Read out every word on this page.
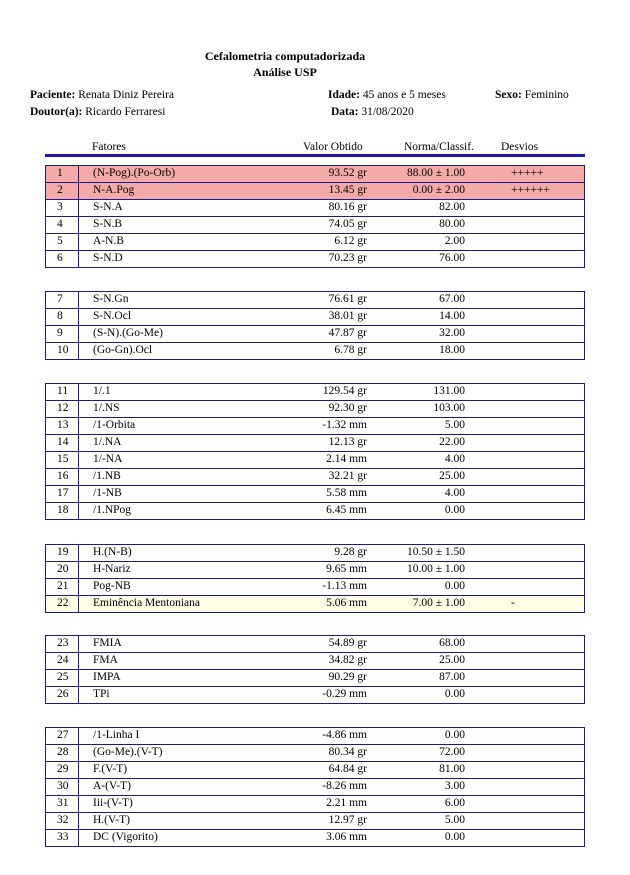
Cefalometria computadorizada
Análise USP
Paciente: Renata Diniz Pereira	Idade: 45 anos e 5 meses	Sexo: Feminino
Doutor(a): Ricardo Ferraresi	Data: 31/08/2020
Fatores	Valor Obtido	Norma/Classif. Desvios
1	(N-Pog).(Po-Orb)	93.52 gr	88.00 ± 1.00	+++++
2	N-A.Pog	13.45 gr	0.00 ± 2.00	++++++
3	S-N.A	80.16 gr	82.00
4	S-N.B	74.05 gr	80.00
5	A-N.B	6.12 gr	2.00
6	S-N.D	70.23 gr	76.00
7	S-N.Gn	76.61 gr	67.00
8	S-N.Ocl	38.01 gr	14.00
9	(S-N).(Go-Me)	47.87 gr	32.00
10 (Go-Gn).Ocl	6.78 gr	18.00
11 1/.1	129.54 gr	131.00
12 1/.NS	92.30 gr	103.00
13 /1-Orbita	-1.32 mm	5.00
14 1/.NA	12.13 gr	22.00
15 1/-NA	2.14 mm	4.00
16 /1.NB	32.21 gr	25.00
17 /1-NB	5.58 mm	4.00
18 /1.NPog	6.45 mm	0.00
19 H.(N-B)	9.28 gr	10.50 ± 1.50
20 H-Nariz	9.65 mm	10.00 ± 1.00
21 Pog-NB	-1.13 mm	0.00
22 Eminência Mentoniana	5.06 mm	7.00 ± 1.00	-
23 FMIA	54.89 gr	68.00
24 FMA	34.82 gr	25.00
25 IMPA	90.29 gr	87.00
26 TPi	-0.29 mm	0.00
27 /1-Linha I	-4.86 mm	0.00
28 (Go-Me).(V-T)	80.34 gr	72.00
29 F.(V-T)	64.84 gr	81.00
30 A-(V-T)	-8.26 mm	3.00
31 Iii-(V-T)	2.21 mm	6.00
32 H.(V-T)	12.97 gr	5.00
33 DC (Vigorito)	3.06 mm	0.00
